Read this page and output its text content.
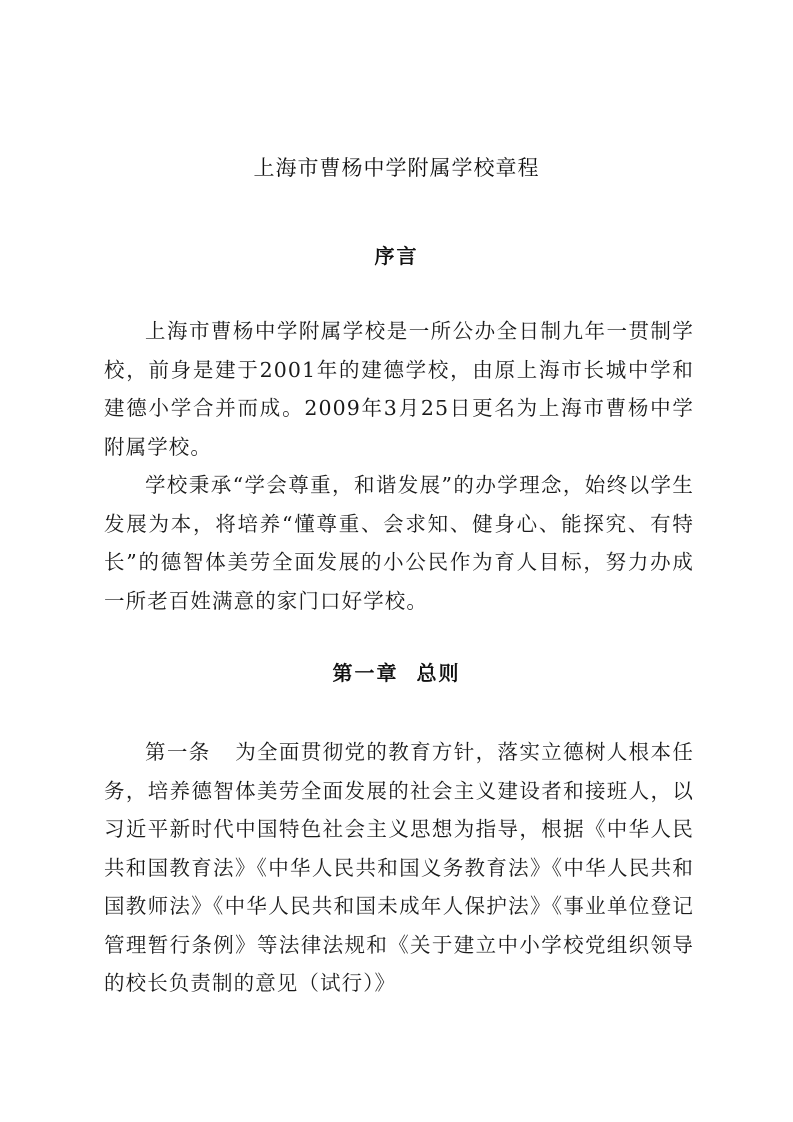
上海市曹杨中学附属学校章程
序言

上海市曹杨中学附属学校是一所公办全日制九年一贯制学校，前身是建于2001年的建德学校，由原上海市长城中学和建德小学合并而成。2009年3月25日更名为上海市曹杨中学附属学校。

学校秉承“学会尊重，和谐发展”的办学理念，始终以学生发展为本，将培养“懂尊重、会求知、健身心、能探究、有特长”的德智体美劳全面发展的小公民作为育人目标，努力办成一所老百姓满意的家门口好学校。

第一章  总则

第一条 为全面贯彻党的教育方针，落实立德树人根本任务，培养德智体美劳全面发展的社会主义建设者和接班人，以习近平新时代中国特色社会主义思想为指导，根据《中华人民共和国教育法》《中华人民共和国义务教育法》《中华人民共和国教师法》《中华人民共和国未成年人保护法》《事业单位登记管理暂行条例》等法律法规和《关于建立中小学校党组织领导的校长负责制的意见（试行）》
